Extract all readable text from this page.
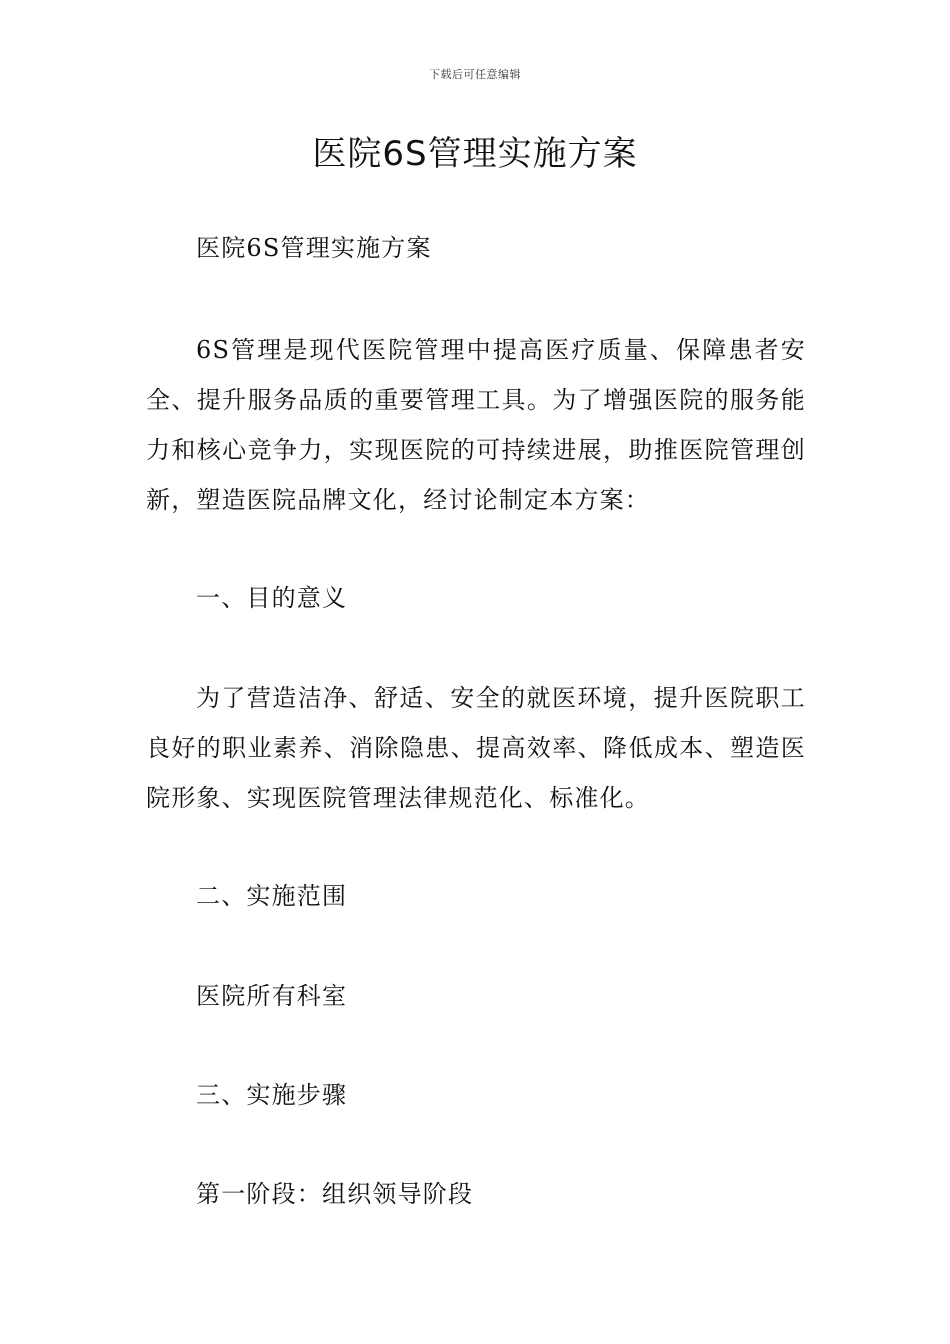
下载后可任意编辑
医院6S管理实施方案

医院6S管理实施方案

6S管理是现代医院管理中提高医疗质量、保障患者安全、提升服务品质的重要管理工具。为了增强医院的服务能力和核心竞争力，实现医院的可持续进展，助推医院管理创新，塑造医院品牌文化，经讨论制定本方案：

一、目的意义

为了营造洁净、舒适、安全的就医环境，提升医院职工良好的职业素养、消除隐患、提高效率、降低成本、塑造医院形象、实现医院管理法律规范化、标准化。

二、实施范围

医院所有科室

三、实施步骤

第一阶段：组织领导阶段
